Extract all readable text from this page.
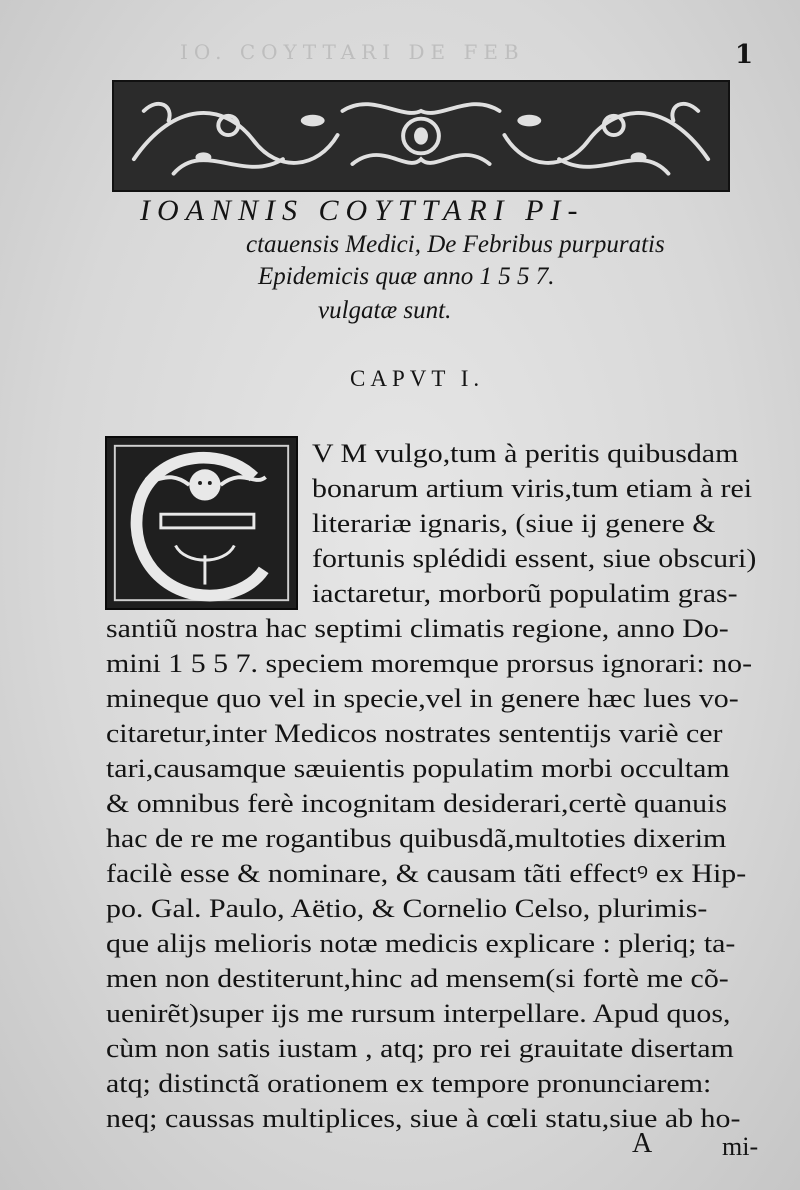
IO. COYTTARI DE FEB	1

IOANNIS COYTTARI PI-

ctauensis Medici, De Febribus purpuratis

Epidemicis quæ anno 1 5 5 7.

vulgatæ sunt.

CAPVT I.
V M vulgo,tum à peritis quibusdam
bonarum artium viris,tum etiam à rei
literariæ ignaris, (siue ij genere &
fortunis splédidi essent, siue obscuri)
iactaretur, morborũ populatim gras-
santiũ nostra hac septimi climatis regione, anno Do-
mini 1 5 5 7. speciem moremque prorsus ignorari: no-
mineque quo vel in specie,vel in genere hæc lues vo-
citaretur,inter Medicos nostrates sententijs variè cer
tari,causamque sæuientis populatim morbi occultam
& omnibus ferè incognitam desiderari,certè quanuis
hac de re me rogantibus quibusdã,multoties dixerim
facilè esse & nominare, & causam tãti effectꝰ ex Hip-
po. Gal. Paulo, Aëtio, & Cornelio Celso, plurimis-
que alijs melioris notæ medicis explicare : pleriq; ta-
men non destiterunt,hinc ad mensem(si fortè me cõ-
uenirẽt)super ijs me rursum interpellare. Apud quos,
cùm non satis iustam , atq; pro rei grauitate disertam
atq; distinctã orationem ex tempore pronunciarem:
neq; caussas multiplices, siue à cœli statu,siue ab ho-
A	mi-
